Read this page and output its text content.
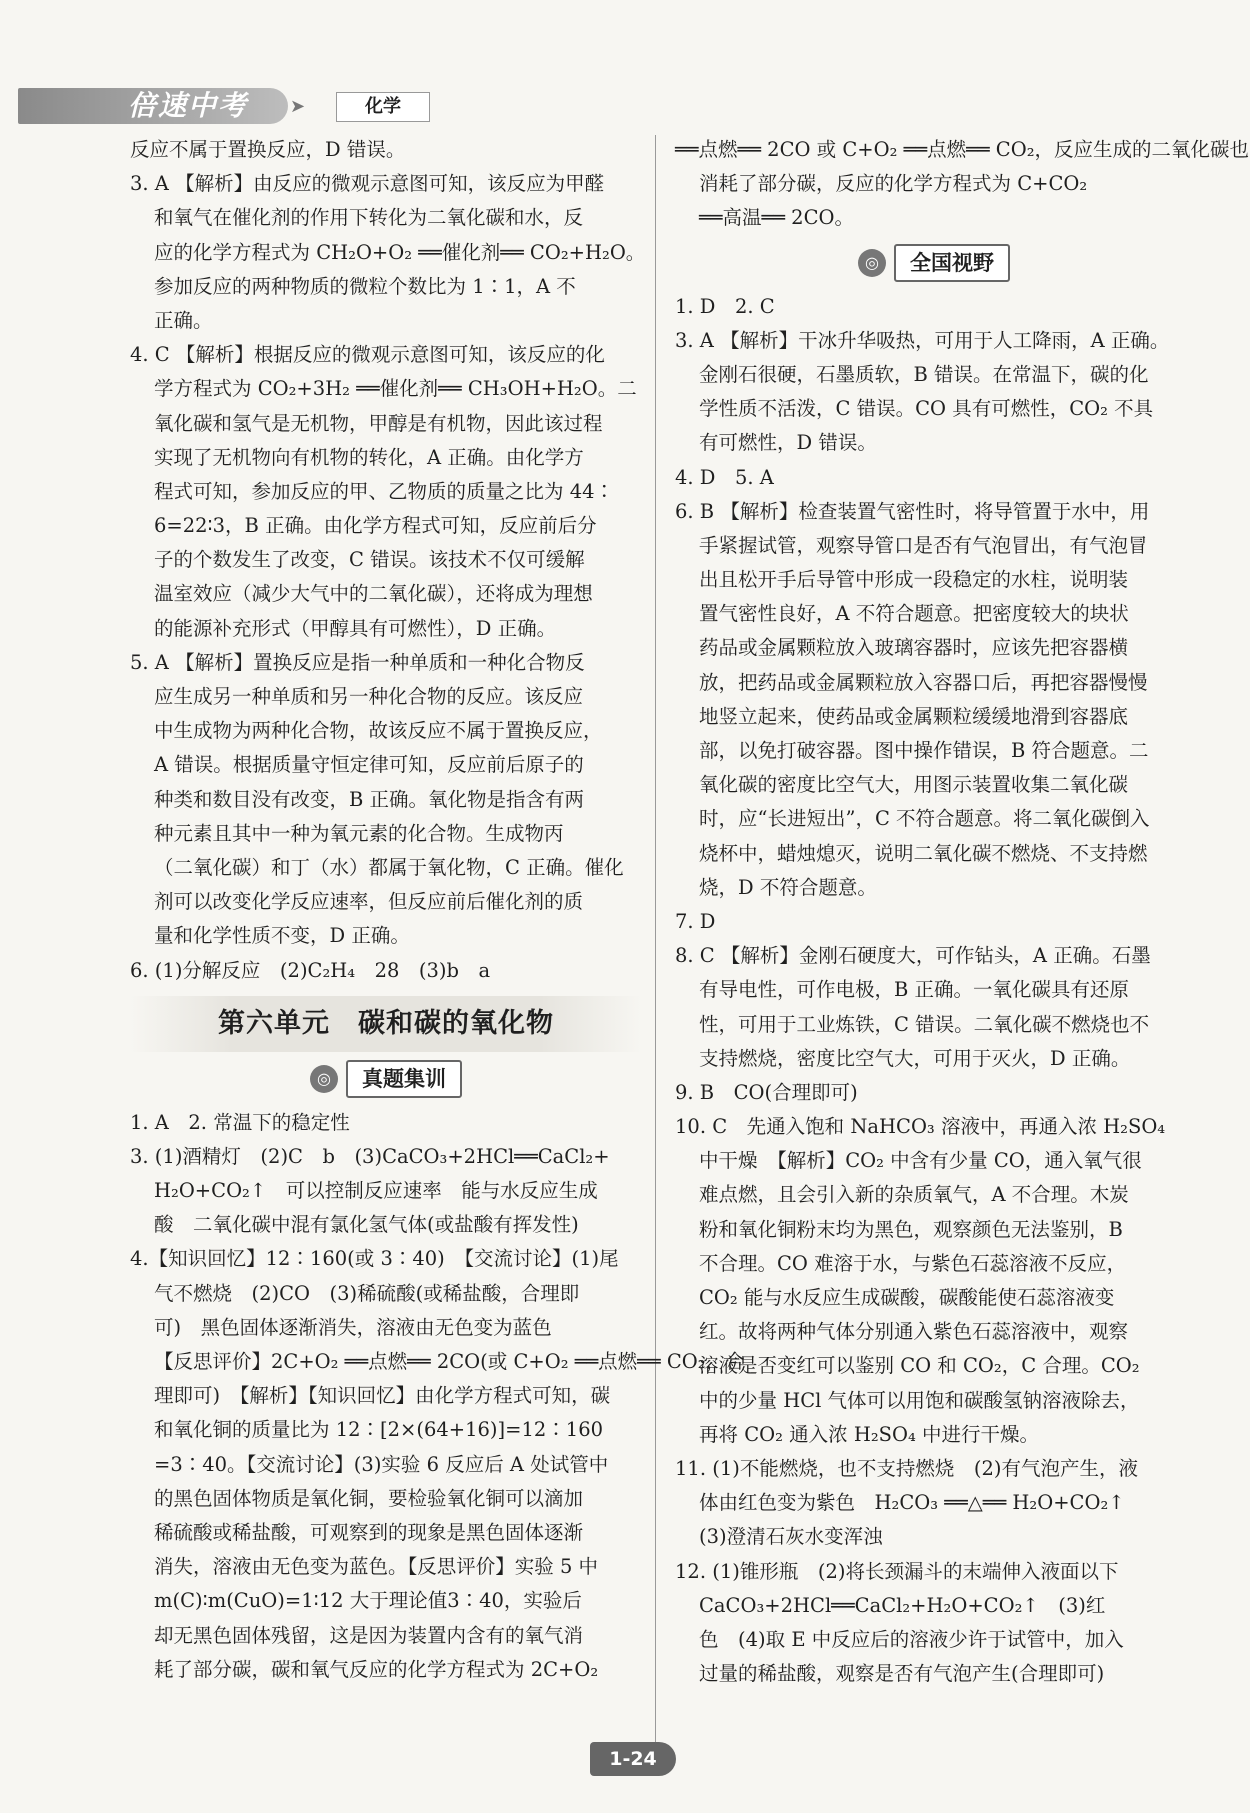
倍速中考	➤	化学
反应不属于置换反应，D 错误。
3. A 【解析】由反应的微观示意图可知，该反应为甲醛
和氧气在催化剂的作用下转化为二氧化碳和水，反
应的化学方程式为 CH₂O+O₂ ══催化剂══ CO₂+H₂O。
参加反应的两种物质的微粒个数比为 1∶1，A 不
正确。
4. C 【解析】根据反应的微观示意图可知，该反应的化
学方程式为 CO₂+3H₂ ══催化剂══ CH₃OH+H₂O。二
氧化碳和氢气是无机物，甲醇是有机物，因此该过程
实现了无机物向有机物的转化，A 正确。由化学方
程式可知，参加反应的甲、乙物质的质量之比为 44∶
6=22∶3，B 正确。由化学方程式可知，反应前后分
子的个数发生了改变，C 错误。该技术不仅可缓解
温室效应（减少大气中的二氧化碳），还将成为理想
的能源补充形式（甲醇具有可燃性），D 正确。
5. A 【解析】置换反应是指一种单质和一种化合物反
应生成另一种单质和另一种化合物的反应。该反应
中生成物为两种化合物，故该反应不属于置换反应，
A 错误。根据质量守恒定律可知，反应前后原子的
种类和数目没有改变，B 正确。氧化物是指含有两
种元素且其中一种为氧元素的化合物。生成物丙
（二氧化碳）和丁（水）都属于氧化物，C 正确。催化
剂可以改变化学反应速率，但反应前后催化剂的质
量和化学性质不变，D 正确。
6. (1)分解反应　(2)C₂H₄　28　(3)b　a
第六单元　碳和碳的氧化物
◎	真题集训
1. A　2. 常温下的稳定性
3. (1)酒精灯　(2)C　b　(3)CaCO₃+2HCl══CaCl₂+
H₂O+CO₂↑　可以控制反应速率　能与水反应生成
酸　二氧化碳中混有氯化氢气体(或盐酸有挥发性)
4.【知识回忆】12∶160(或 3∶40)　【交流讨论】(1)尾
气不燃烧　(2)CO　(3)稀硫酸(或稀盐酸，合理即
可)　黑色固体逐渐消失，溶液由无色变为蓝色
【反思评价】2C+O₂ ══点燃══ 2CO(或 C+O₂ ══点燃══ CO₂，合
理即可)　【解析】【知识回忆】由化学方程式可知，碳
和氧化铜的质量比为 12∶[2×(64+16)]=12∶160
=3∶40。【交流讨论】(3)实验 6 反应后 A 处试管中
的黑色固体物质是氧化铜，要检验氧化铜可以滴加
稀硫酸或稀盐酸，可观察到的现象是黑色固体逐渐
消失，溶液由无色变为蓝色。【反思评价】实验 5 中
m(C)∶m(CuO)=1∶12 大于理论值3∶40，实验后
却无黑色固体残留，这是因为装置内含有的氧气消
耗了部分碳，碳和氧气反应的化学方程式为 2C+O₂
══点燃══ 2CO 或 C+O₂ ══点燃══ CO₂，反应生成的二氧化碳也
消耗了部分碳，反应的化学方程式为 C+CO₂
══高温══ 2CO。
◎	全国视野
1. D　2. C
3. A 【解析】干冰升华吸热，可用于人工降雨，A 正确。
金刚石很硬，石墨质软，B 错误。在常温下，碳的化
学性质不活泼，C 错误。CO 具有可燃性，CO₂ 不具
有可燃性，D 错误。
4. D　5. A
6. B 【解析】检查装置气密性时，将导管置于水中，用
手紧握试管，观察导管口是否有气泡冒出，有气泡冒
出且松开手后导管中形成一段稳定的水柱，说明装
置气密性良好，A 不符合题意。把密度较大的块状
药品或金属颗粒放入玻璃容器时，应该先把容器横
放，把药品或金属颗粒放入容器口后，再把容器慢慢
地竖立起来，使药品或金属颗粒缓缓地滑到容器底
部，以免打破容器。图中操作错误，B 符合题意。二
氧化碳的密度比空气大，用图示装置收集二氧化碳
时，应“长进短出”，C 不符合题意。将二氧化碳倒入
烧杯中，蜡烛熄灭，说明二氧化碳不燃烧、不支持燃
烧，D 不符合题意。
7. D
8. C 【解析】金刚石硬度大，可作钻头，A 正确。石墨
有导电性，可作电极，B 正确。一氧化碳具有还原
性，可用于工业炼铁，C 错误。二氧化碳不燃烧也不
支持燃烧，密度比空气大，可用于灭火，D 正确。
9. B　CO(合理即可)
10. C　先通入饱和 NaHCO₃ 溶液中，再通入浓 H₂SO₄
中干燥　【解析】CO₂ 中含有少量 CO，通入氧气很
难点燃，且会引入新的杂质氧气，A 不合理。木炭
粉和氧化铜粉末均为黑色，观察颜色无法鉴别，B
不合理。CO 难溶于水，与紫色石蕊溶液不反应，
CO₂ 能与水反应生成碳酸，碳酸能使石蕊溶液变
红。故将两种气体分别通入紫色石蕊溶液中，观察
溶液是否变红可以鉴别 CO 和 CO₂，C 合理。CO₂
中的少量 HCl 气体可以用饱和碳酸氢钠溶液除去，
再将 CO₂ 通入浓 H₂SO₄ 中进行干燥。
11. (1)不能燃烧，也不支持燃烧　(2)有气泡产生，液
体由红色变为紫色　H₂CO₃ ══△══ H₂O+CO₂↑
(3)澄清石灰水变浑浊
12. (1)锥形瓶　(2)将长颈漏斗的末端伸入液面以下
CaCO₃+2HCl══CaCl₂+H₂O+CO₂↑　(3)红
色　(4)取 E 中反应后的溶液少许于试管中，加入
过量的稀盐酸，观察是否有气泡产生(合理即可)
1-24
